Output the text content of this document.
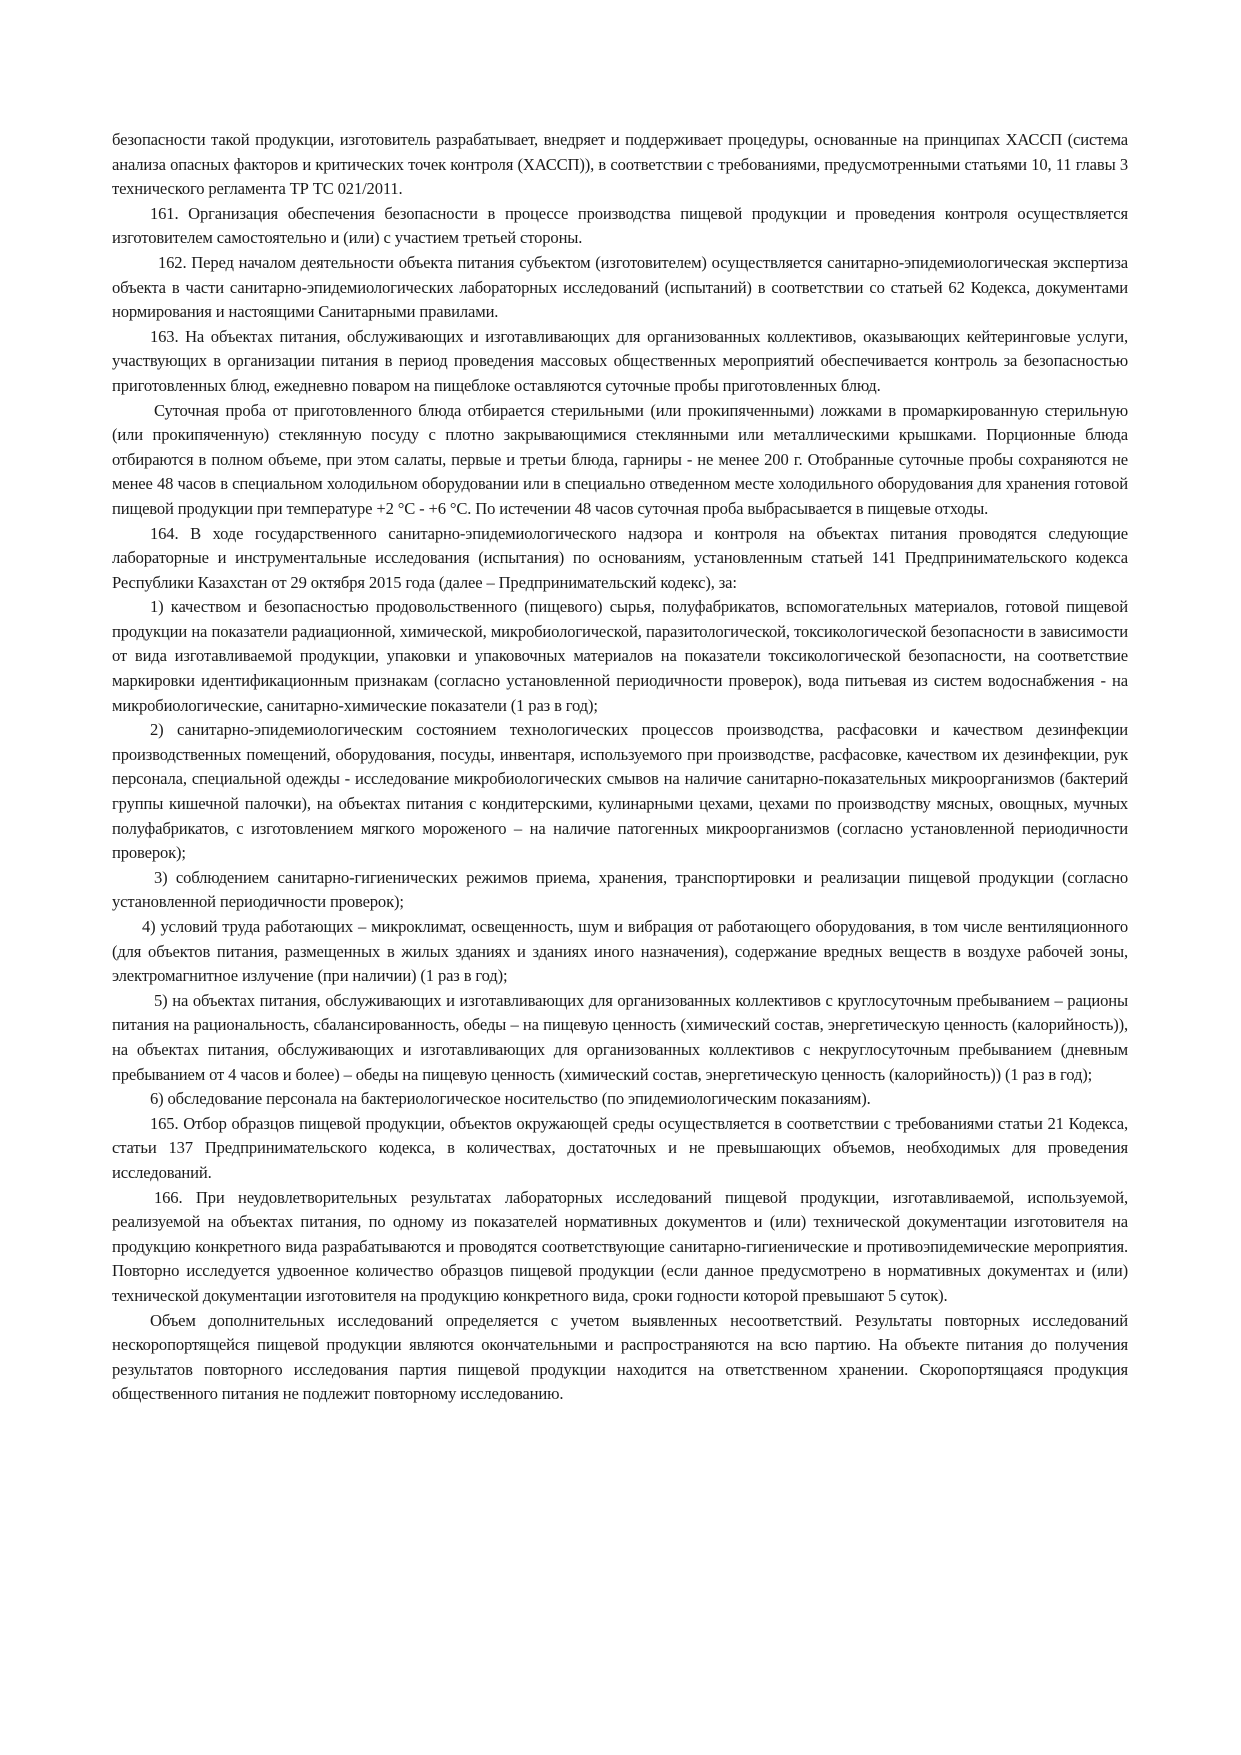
безопасности такой продукции, изготовитель разрабатывает, внедряет и поддерживает процедуры, основанные на принципах ХАССП (система анализа опасных факторов и критических точек контроля (ХАССП)), в соответствии с требованиями, предусмотренными статьями 10, 11 главы 3 технического регламента ТР ТС 021/2011.

161. Организация обеспечения безопасности в процессе производства пищевой продукции и проведения контроля осуществляется изготовителем самостоятельно и (или) с участием третьей стороны.

162. Перед началом деятельности объекта питания субъектом (изготовителем) осуществляется санитарно-эпидемиологическая экспертиза объекта в части санитарно-эпидемиологических лабораторных исследований (испытаний) в соответствии со статьей 62 Кодекса, документами нормирования и настоящими Санитарными правилами.

163. На объектах питания, обслуживающих и изготавливающих для организованных коллективов, оказывающих кейтеринговые услуги, участвующих в организации питания в период проведения массовых общественных мероприятий обеспечивается контроль за безопасностью приготовленных блюд, ежедневно поваром на пищеблоке оставляются суточные пробы приготовленных блюд.

Суточная проба от приготовленного блюда отбирается стерильными (или прокипяченными) ложками в промаркированную стерильную (или прокипяченную) стеклянную посуду с плотно закрывающимися стеклянными или металлическими крышками. Порционные блюда отбираются в полном объеме, при этом салаты, первые и третьи блюда, гарниры - не менее 200 г. Отобранные суточные пробы сохраняются не менее 48 часов в специальном холодильном оборудовании или в специально отведенном месте холодильного оборудования для хранения готовой пищевой продукции при температуре +2 °С - +6 °С. По истечении 48 часов суточная проба выбрасывается в пищевые отходы.

164. В ходе государственного санитарно-эпидемиологического надзора и контроля на объектах питания проводятся следующие лабораторные и инструментальные исследования (испытания) по основаниям, установленным статьей 141 Предпринимательского кодекса Республики Казахстан от 29 октября 2015 года (далее – Предпринимательский кодекс), за:

1) качеством и безопасностью продовольственного (пищевого) сырья, полуфабрикатов, вспомогательных материалов, готовой пищевой продукции на показатели радиационной, химической, микробиологической, паразитологической, токсикологической безопасности в зависимости от вида изготавливаемой продукции, упаковки и упаковочных материалов на показатели токсикологической безопасности, на соответствие маркировки идентификационным признакам (согласно установленной периодичности проверок), вода питьевая из систем водоснабжения - на микробиологические, санитарно-химические показатели (1 раз в год);

2) санитарно-эпидемиологическим состоянием технологических процессов производства, расфасовки и качеством дезинфекции производственных помещений, оборудования, посуды, инвентаря, используемого при производстве, расфасовке, качеством их дезинфекции, рук персонала, специальной одежды - исследование микробиологических смывов на наличие санитарно-показательных микроорганизмов (бактерий группы кишечной палочки), на объектах питания с кондитерскими, кулинарными цехами, цехами по производству мясных, овощных, мучных полуфабрикатов, с изготовлением мягкого мороженого – на наличие патогенных микроорганизмов (согласно установленной периодичности проверок);

3) соблюдением санитарно-гигиенических режимов приема, хранения, транспортировки и реализации пищевой продукции (согласно установленной периодичности проверок);

4) условий труда работающих – микроклимат, освещенность, шум и вибрация от работающего оборудования, в том числе вентиляционного (для объектов питания, размещенных в жилых зданиях и зданиях иного назначения), содержание вредных веществ в воздухе рабочей зоны, электромагнитное излучение (при наличии) (1 раз в год);

5) на объектах питания, обслуживающих и изготавливающих для организованных коллективов с круглосуточным пребыванием – рационы питания на рациональность, сбалансированность, обеды – на пищевую ценность (химический состав, энергетическую ценность (калорийность)), на объектах питания, обслуживающих и изготавливающих для организованных коллективов с некруглосуточным пребыванием (дневным пребыванием от 4 часов и более) – обеды на пищевую ценность (химический состав, энергетическую ценность (калорийность)) (1 раз в год);

6) обследование персонала на бактериологическое носительство (по эпидемиологическим показаниям).

165. Отбор образцов пищевой продукции, объектов окружающей среды осуществляется в соответствии с требованиями статьи 21 Кодекса, статьи 137 Предпринимательского кодекса, в количествах, достаточных и не превышающих объемов, необходимых для проведения исследований.

166. При неудовлетворительных результатах лабораторных исследований пищевой продукции, изготавливаемой, используемой, реализуемой на объектах питания, по одному из показателей нормативных документов и (или) технической документации изготовителя на продукцию конкретного вида разрабатываются и проводятся соответствующие санитарно-гигиенические и противоэпидемические мероприятия. Повторно исследуется удвоенное количество образцов пищевой продукции (если данное предусмотрено в нормативных документах и (или) технической документации изготовителя на продукцию конкретного вида, сроки годности которой превышают 5 суток).

Объем дополнительных исследований определяется с учетом выявленных несоответствий. Результаты повторных исследований нескоропортящейся пищевой продукции являются окончательными и распространяются на всю партию. На объекте питания до получения результатов повторного исследования партия пищевой продукции находится на ответственном хранении. Скоропортящаяся продукция общественного питания не подлежит повторному исследованию.
